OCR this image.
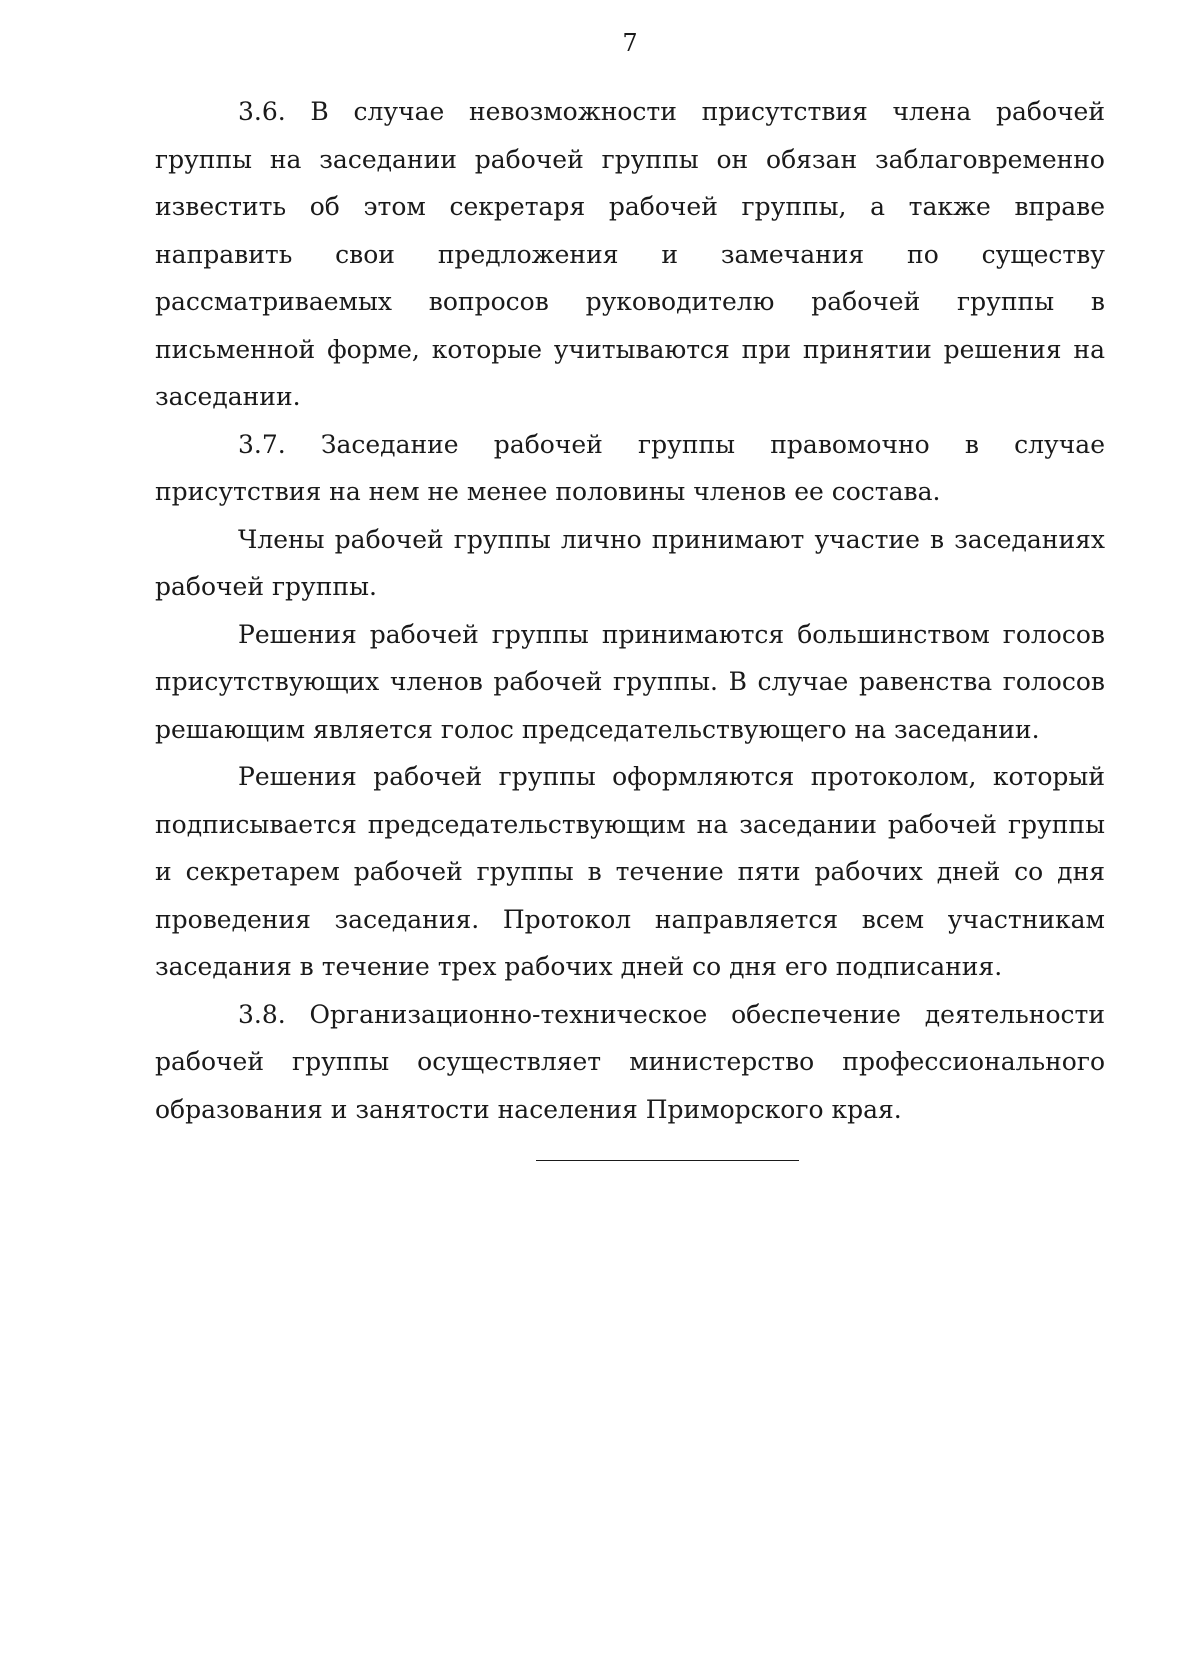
7

3.6. В случае невозможности присутствия члена рабочей группы на заседании рабочей группы он обязан заблаговременно известить об этом секретаря рабочей группы, а также вправе направить свои предложения и замечания по существу рассматриваемых вопросов руководителю рабочей группы в письменной форме, которые учитываются при принятии решения на заседании.

3.7. Заседание рабочей группы правомочно в случае присутствия на нем не менее половины членов ее состава.

Члены рабочей группы лично принимают участие в заседаниях рабочей группы.

Решения рабочей группы принимаются большинством голосов присутствующих членов рабочей группы. В случае равенства голосов решающим является голос председательствующего на заседании.

Решения рабочей группы оформляются протоколом, который подписывается председательствующим на заседании рабочей группы и секретарем рабочей группы в течение пяти рабочих дней со дня проведения заседания. Протокол направляется всем участникам заседания в течение трех рабочих дней со дня его подписания.

3.8. Организационно-техническое обеспечение деятельности рабочей группы осуществляет министерство профессионального образования и занятости населения Приморского края.
